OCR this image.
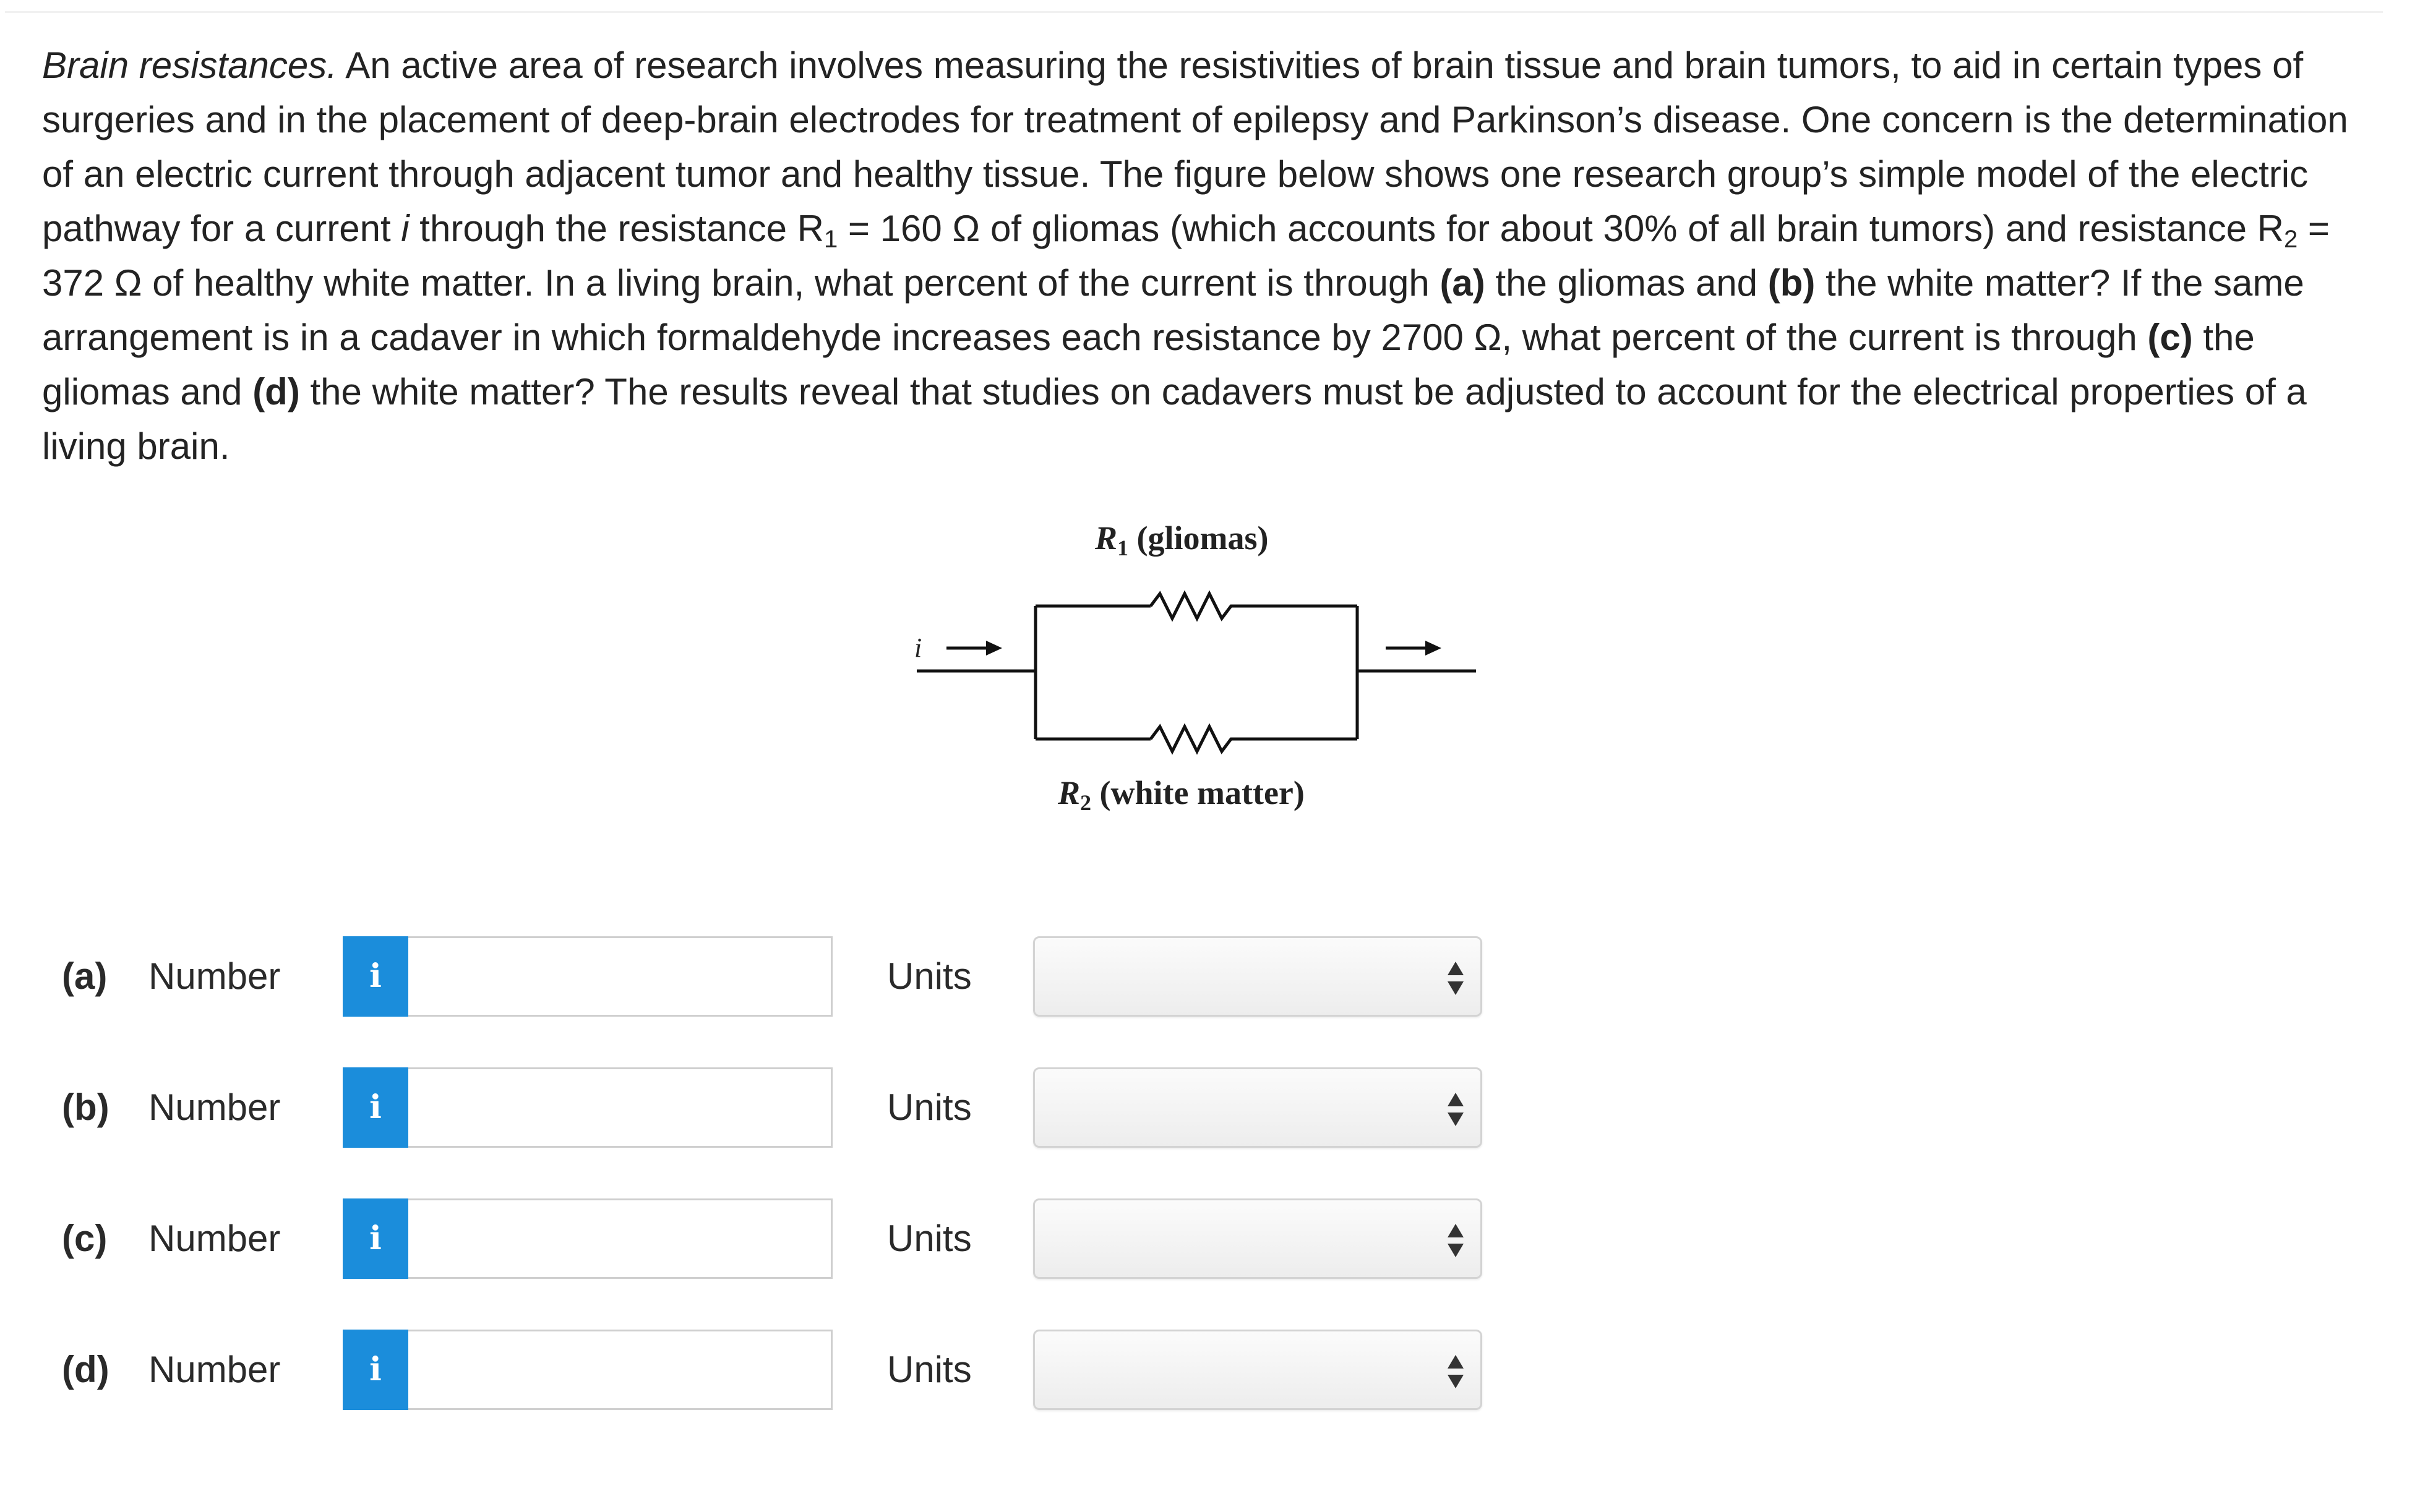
Brain resistances. An active area of research involves measuring the resistivities of brain tissue and brain tumors, to aid in certain types of surgeries and in the placement of deep-brain electrodes for treatment of epilepsy and Parkinson’s disease. One concern is the determination of an electric current through adjacent tumor and healthy tissue. The figure below shows one research group’s simple model of the electric pathway for a current i through the resistance $R_1 = 160$ Ω of gliomas (which accounts for about 30% of all brain tumors) and resistance $R_2 = 372$ Ω of healthy white matter. In a living brain, what percent of the current is through (a) the gliomas and (b) the white matter? If the same arrangement is in a cadaver in which formaldehyde increases each resistance by 2700 Ω, what percent of the current is through (c) the gliomas and (d) the white matter? The results reveal that studies on cadavers must be adjusted to account for the electrical properties of a living brain.
R1 (gliomas)
i
R2 (white matter)
(a) Number	i	Units
(b) Number	i	Units
(c) Number	i	Units
(d) Number	i	Units
